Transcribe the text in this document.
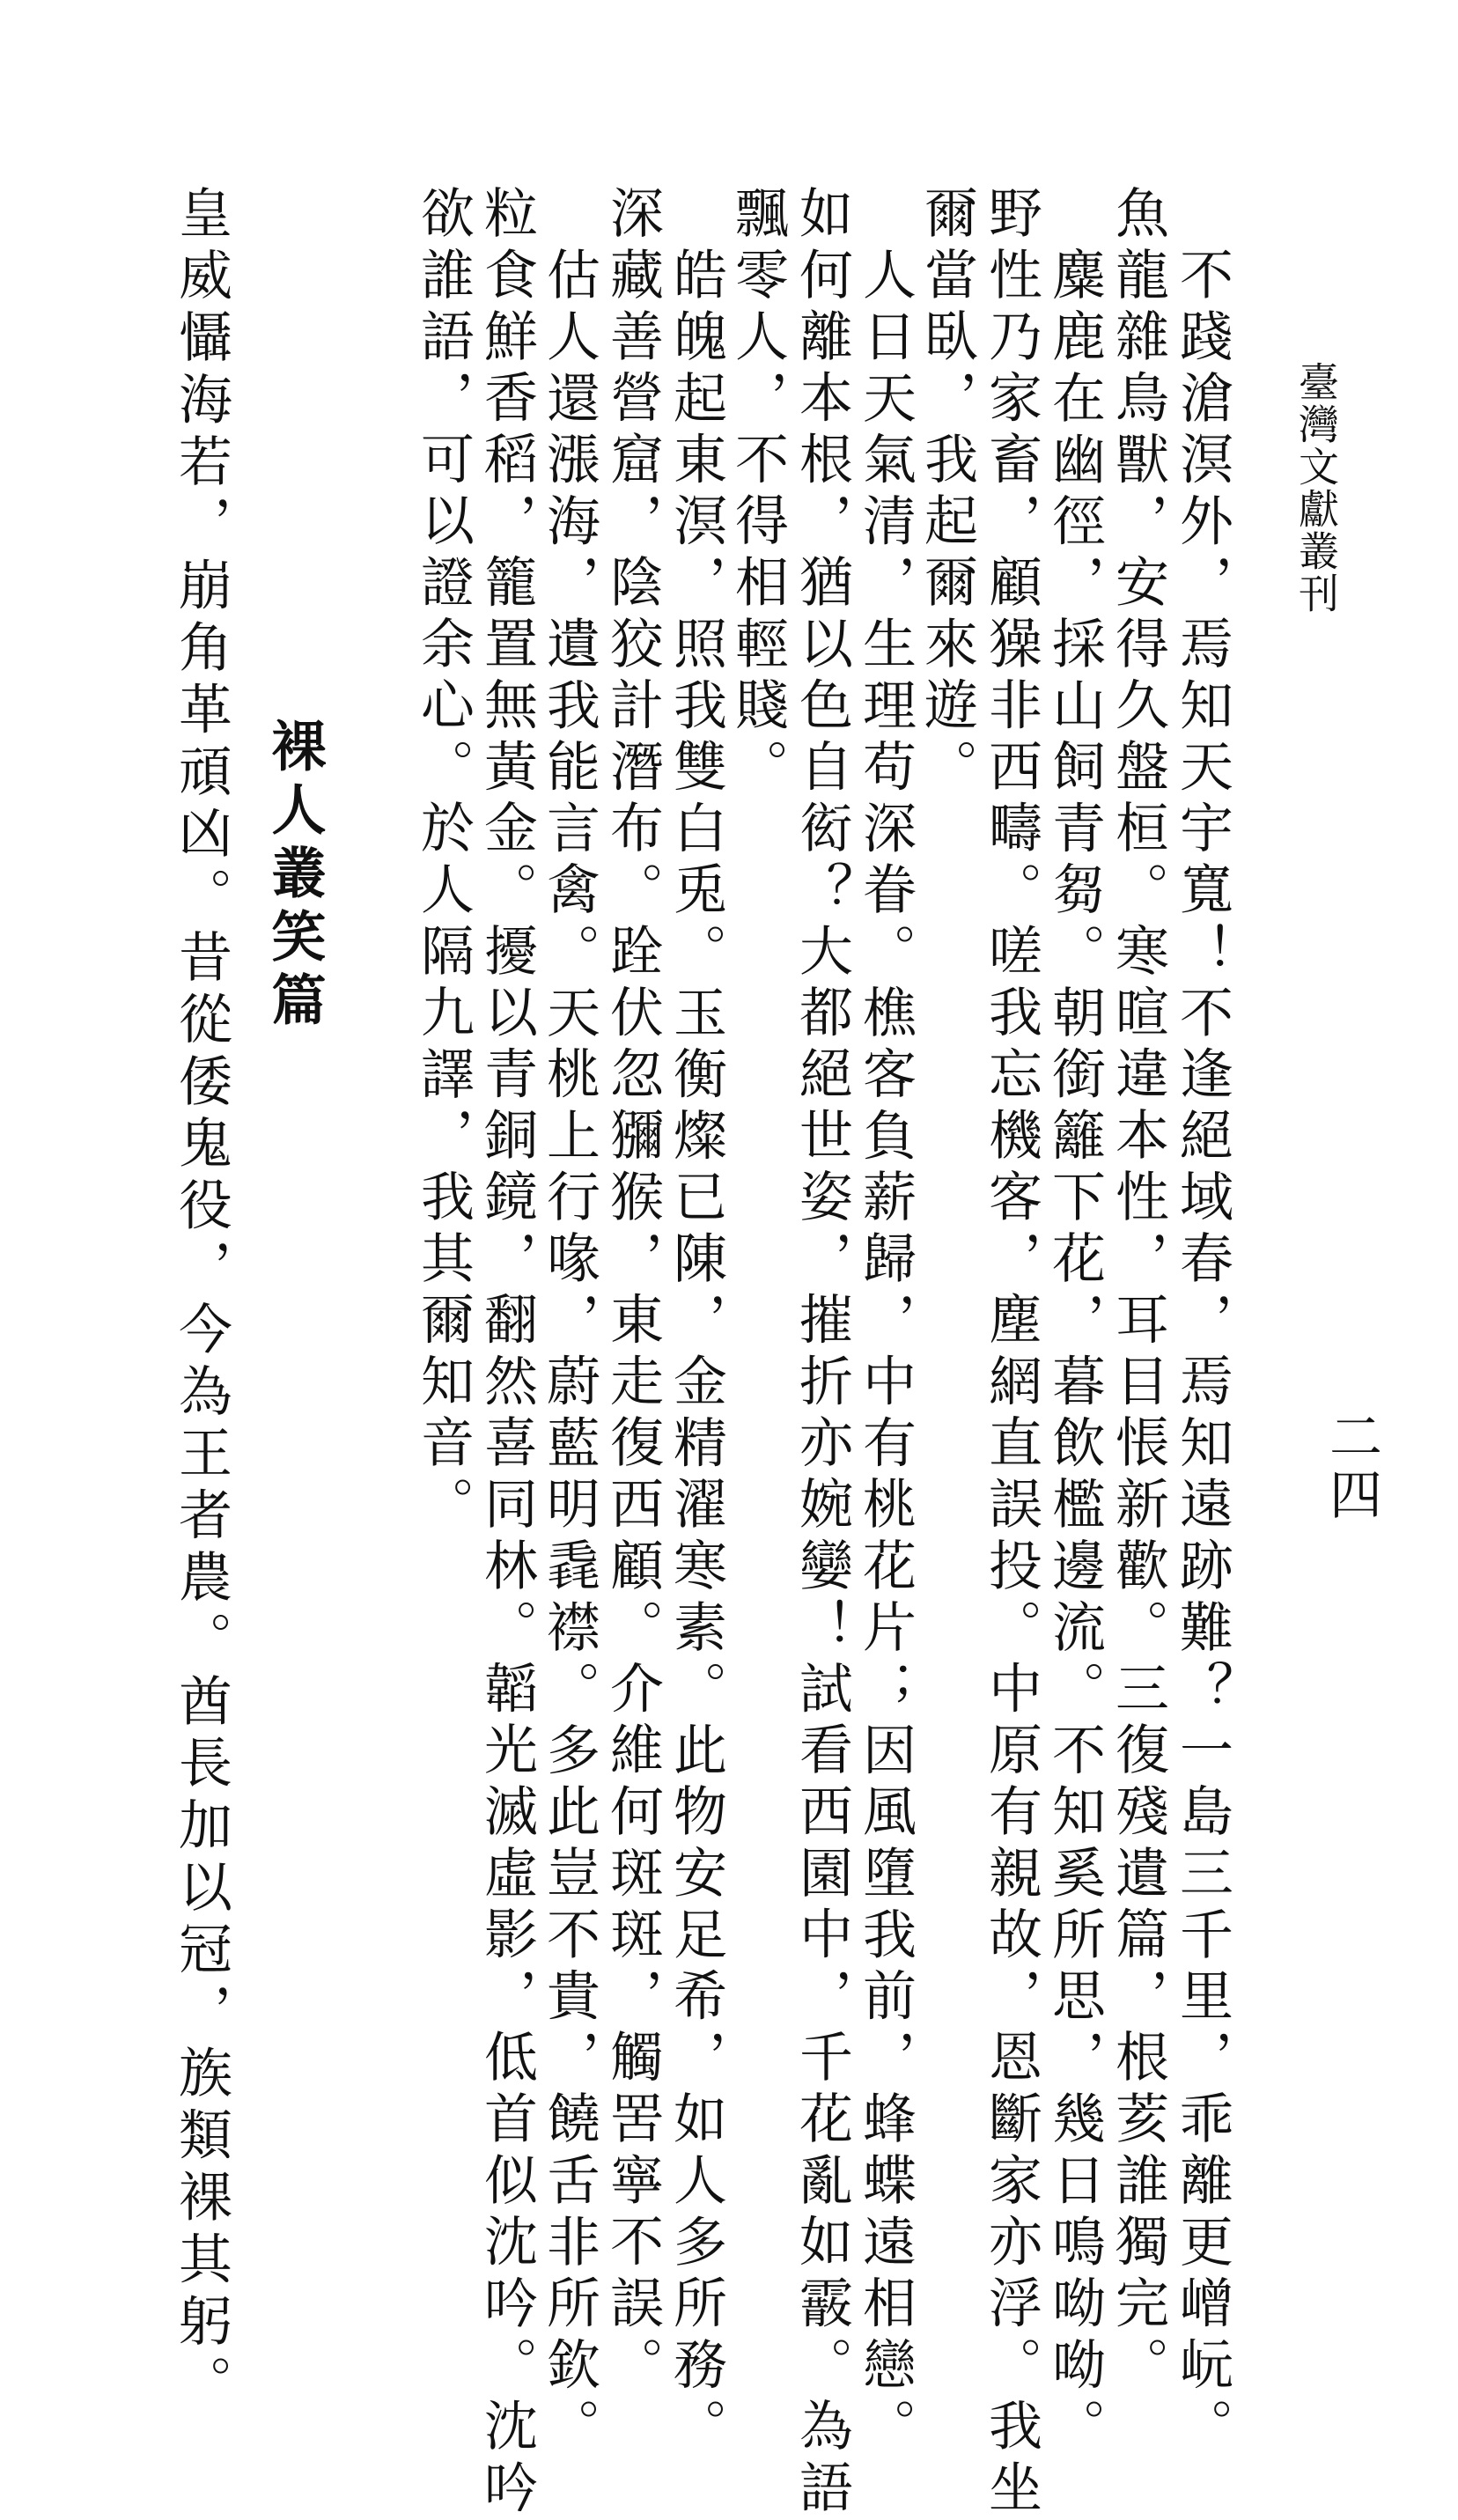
臺灣文獻叢刊
二四
不踐滄溟外，焉知天宇寬！不逢絕域春，焉知遠跡難？一島三千里，乖離更嶒岏。
魚龍雜鳥獸，安得久盤桓。寒暄違本性，耳目悵新歡。三復殘遺篇，根荄誰獨完。
麋鹿在幽徑，採山飼青芻。朝銜籬下花，暮飲檻邊流。不知奚所思，幾日鳴呦呦。
野性乃家畜，顧𤢖非西疇。嗟我忘機客，塵網直誤投。中原有親故，恩斷家亦浮。我坐
爾當臥，我起爾來遊。
人日天氣清，生理苟深眷。樵客負薪歸，中有桃花片；因風墮我前，蜂蝶遠相戀。
如何離本根，猶以色自衒？大都絕世姿，摧折亦婉孌！試看西園中，千花亂如霰。為語
飄零人，不得相輕賤。
皓魄起東溟，照我雙白兎。玉衡燦已陳，金精濯寒素。此物安足希，如人多所務。
深藏善營窟，陰狡計潛布。跧伏忽獼猴，東走復西顧。介維何斑斑，觸罟寧不誤。
估人還漲海，遺我能言禽。天桃上行喙，蔚藍明毳襟。多此豈不貴，饒舌非所欽。
粒食鮮香稻，籠置無黃金。擾以青銅鏡，翻然喜同林。韜光滅虛影，低首似沈吟。沈吟
欲誰語，可以證余心。於人隔九譯，我其爾知音。
裸人叢笑篇
皇威懾海若，崩角革頑凶。昔從倭鬼役，今為王者農。酋長加以冠，族類裸其躬。
